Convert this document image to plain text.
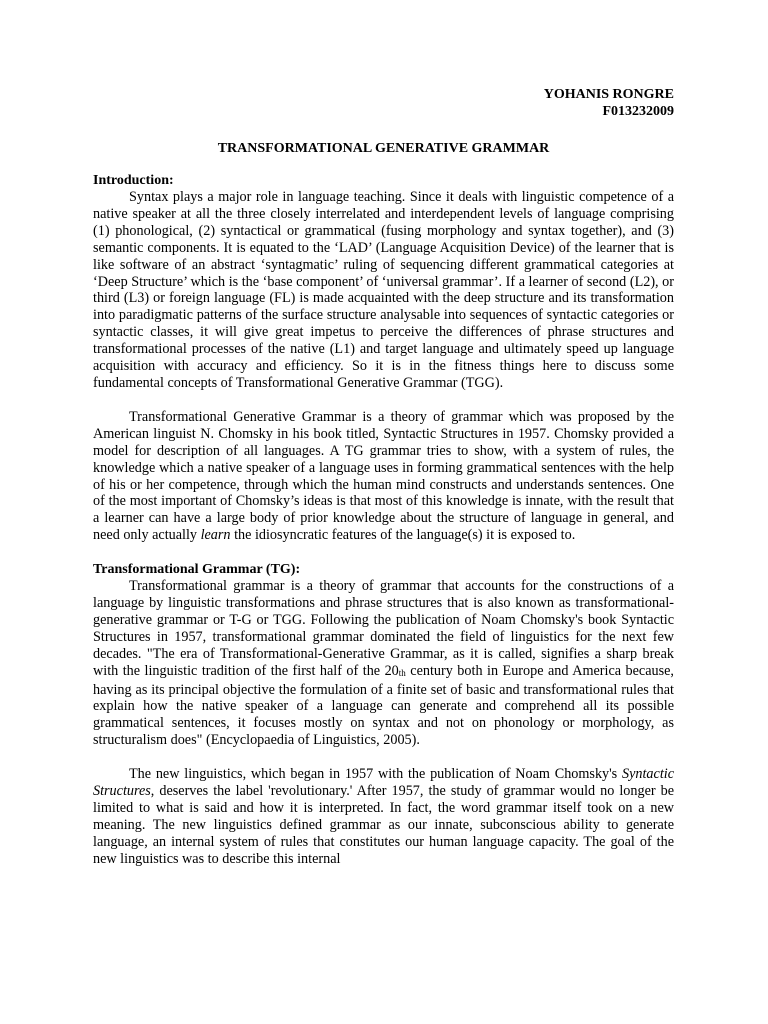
YOHANIS RONGRE
F013232009
TRANSFORMATIONAL GENERATIVE GRAMMAR
Introduction:

Syntax plays a major role in language teaching. Since it deals with linguistic competence of a native speaker at all the three closely interrelated and interdependent levels of language comprising (1) phonological, (2) syntactical or grammatical (fusing morphology and syntax together), and (3) semantic components. It is equated to the ‘LAD’ (Language Acquisition Device) of the learner that is like software of an abstract ‘syntagmatic’ ruling of sequencing different grammatical categories at ‘Deep Structure’ which is the ‘base component’ of ‘universal grammar’. If a learner of second (L2), or third (L3) or foreign language (FL) is made acquainted with the deep structure and its transformation into paradigmatic patterns of the surface structure analysable into sequences of syntactic categories or syntactic classes, it will give great impetus to perceive the differences of phrase structures and transformational processes of the native (L1) and target language and ultimately speed up language acquisition with accuracy and efficiency. So it is in the fitness things here to discuss some fundamental concepts of Transformational Generative Grammar (TGG).

Transformational Generative Grammar is a theory of grammar which was proposed by the American linguist N. Chomsky in his book titled, Syntactic Structures in 1957. Chomsky provided a model for description of all languages. A TG grammar tries to show, with a system of rules, the knowledge which a native speaker of a language uses in forming grammatical sentences with the help of his or her competence, through which the human mind constructs and understands sentences. One of the most important of Chomsky’s ideas is that most of this knowledge is innate, with the result that a learner can have a large body of prior knowledge about the structure of language in general, and need only actually learn the idiosyncratic features of the language(s) it is exposed to.

Transformational Grammar (TG):

Transformational grammar is a theory of grammar that accounts for the constructions of a language by linguistic transformations and phrase structures that is also known as transformational-generative grammar or T-G or TGG. Following the publication of Noam Chomsky's book Syntactic Structures in 1957, transformational grammar dominated the field of linguistics for the next few decades. "The era of Transformational-Generative Grammar, as it is called, signifies a sharp break with the linguistic tradition of the first half of the 20th century both in Europe and America because, having as its principal objective the formulation of a finite set of basic and transformational rules that explain how the native speaker of a language can generate and comprehend all its possible grammatical sentences, it focuses mostly on syntax and not on phonology or morphology, as structuralism does" (Encyclopaedia of Linguistics, 2005).

The new linguistics, which began in 1957 with the publication of Noam Chomsky's Syntactic Structures, deserves the label 'revolutionary.' After 1957, the study of grammar would no longer be limited to what is said and how it is interpreted. In fact, the word grammar itself took on a new meaning. The new linguistics defined grammar as our innate, subconscious ability to generate language, an internal system of rules that constitutes our human language capacity. The goal of the new linguistics was to describe this internal
